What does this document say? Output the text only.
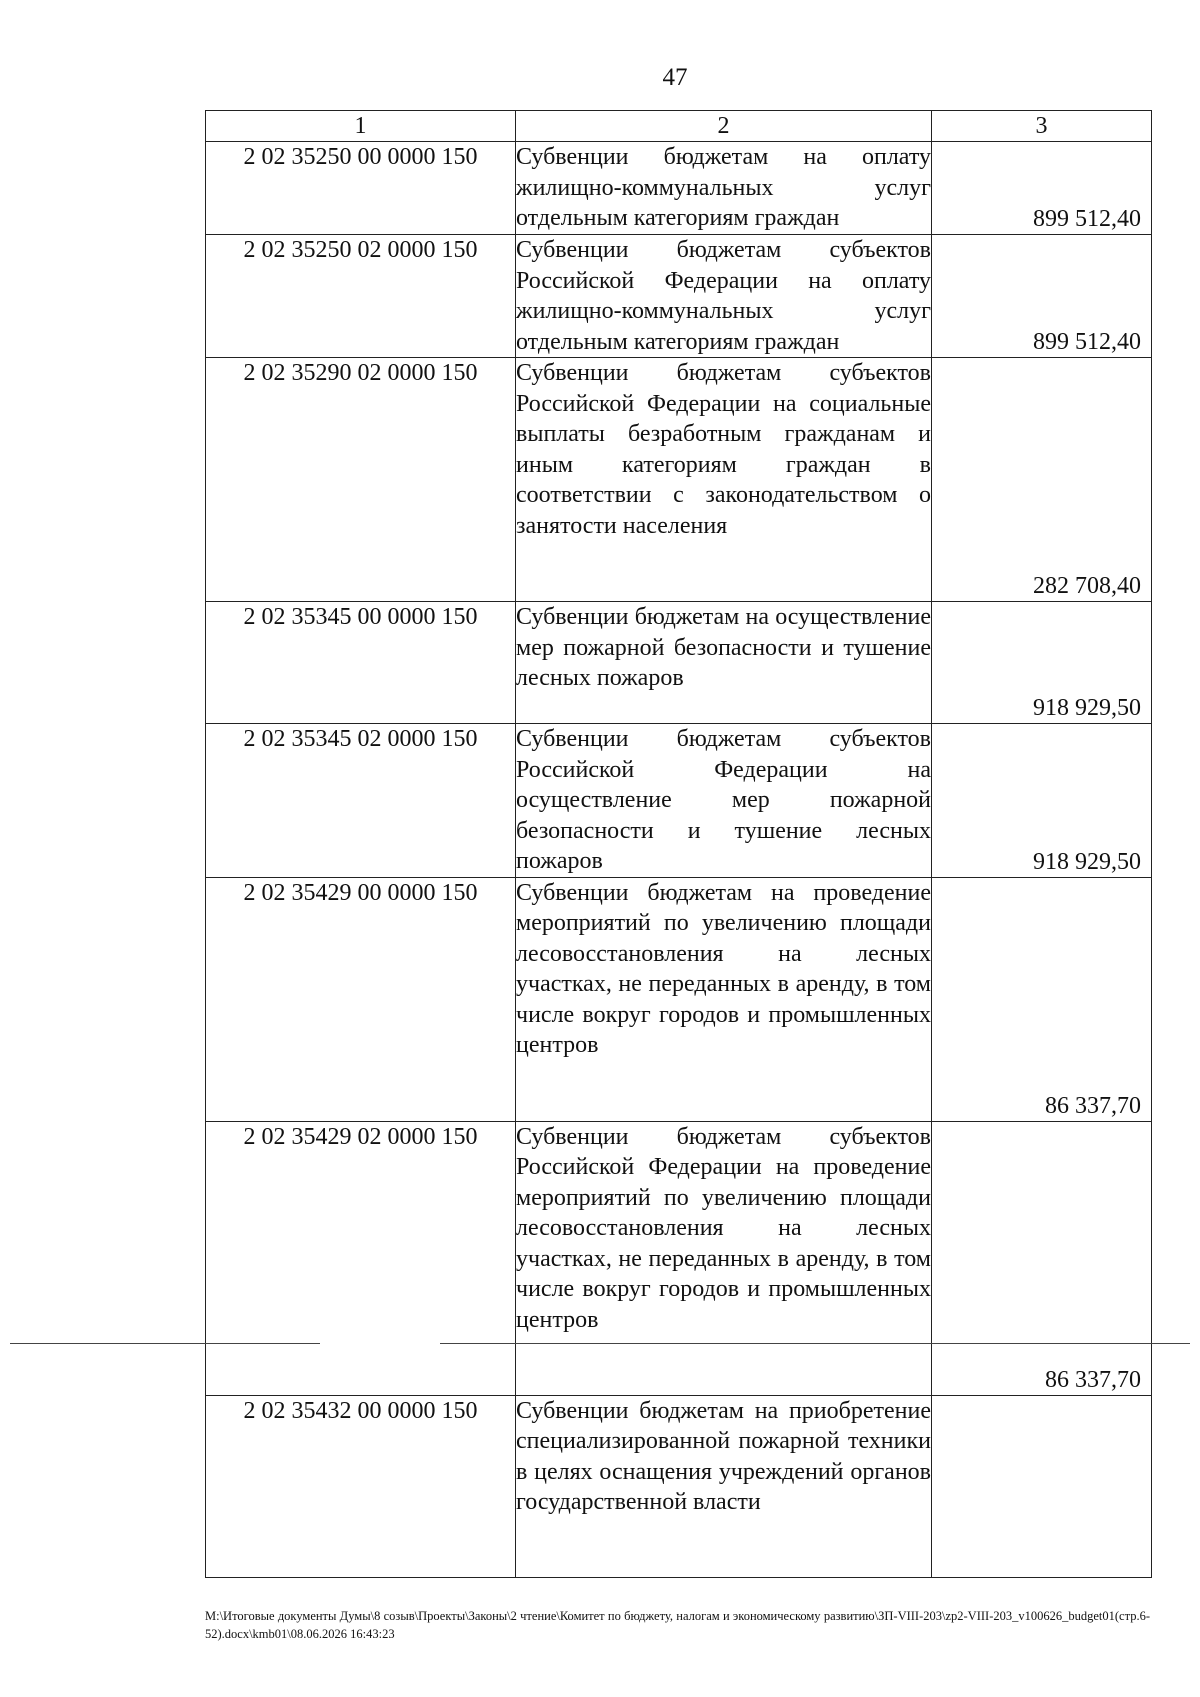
47
1	2	3
2 02 35250 00 0000 150	Субвенции бюджетам на оплату жилищно-коммунальных услуг отдельным категориям граждан	899 512,40

2 02 35250 02 0000 150	Субвенции бюджетам субъектов Российской Федерации на оплату жилищно-коммунальных услуг отдельным категориям граждан	899 512,40

2 02 35290 02 0000 150	Субвенции бюджетам субъектов Российской Федерации на социальные выплаты безработным гражданам и иным категориям граждан в соответствии с законодательством о занятости населения	282 708,40

2 02 35345 00 0000 150	Субвенции бюджетам на осуществление мер пожарной безопасности и тушение лесных пожаров	918 929,50

2 02 35345 02 0000 150	Субвенции бюджетам субъектов Российской Федерации на осуществление мер пожарной безопасности и тушение лесных пожаров	918 929,50

2 02 35429 00 0000 150	Субвенции бюджетам на проведение мероприятий по увеличению площади лесовосстановления на лесных участках, не переданных в аренду, в том числе вокруг городов и промышленных центров	86 337,70

2 02 35429 02 0000 150	Субвенции бюджетам субъектов Российской Федерации на проведение мероприятий по увеличению площади лесовосстановления на лесных участках, не переданных в аренду, в том числе вокруг городов и промышленных центров	86 337,70

2 02 35432 00 0000 150	Субвенции бюджетам на приобретение специализированной пожарной техники в целях оснащения учреждений органов государственной власти	
M:\Итоговые документы Думы\8 созыв\Проекты\Законы\2 чтение\Комитет по бюджету, налогам и экономическому развитию\ЗП-VIII-203\zp2-VIII-203_v100626_budget01(стр.6-52).docx\kmb01\08.06.2026 16:43:23
